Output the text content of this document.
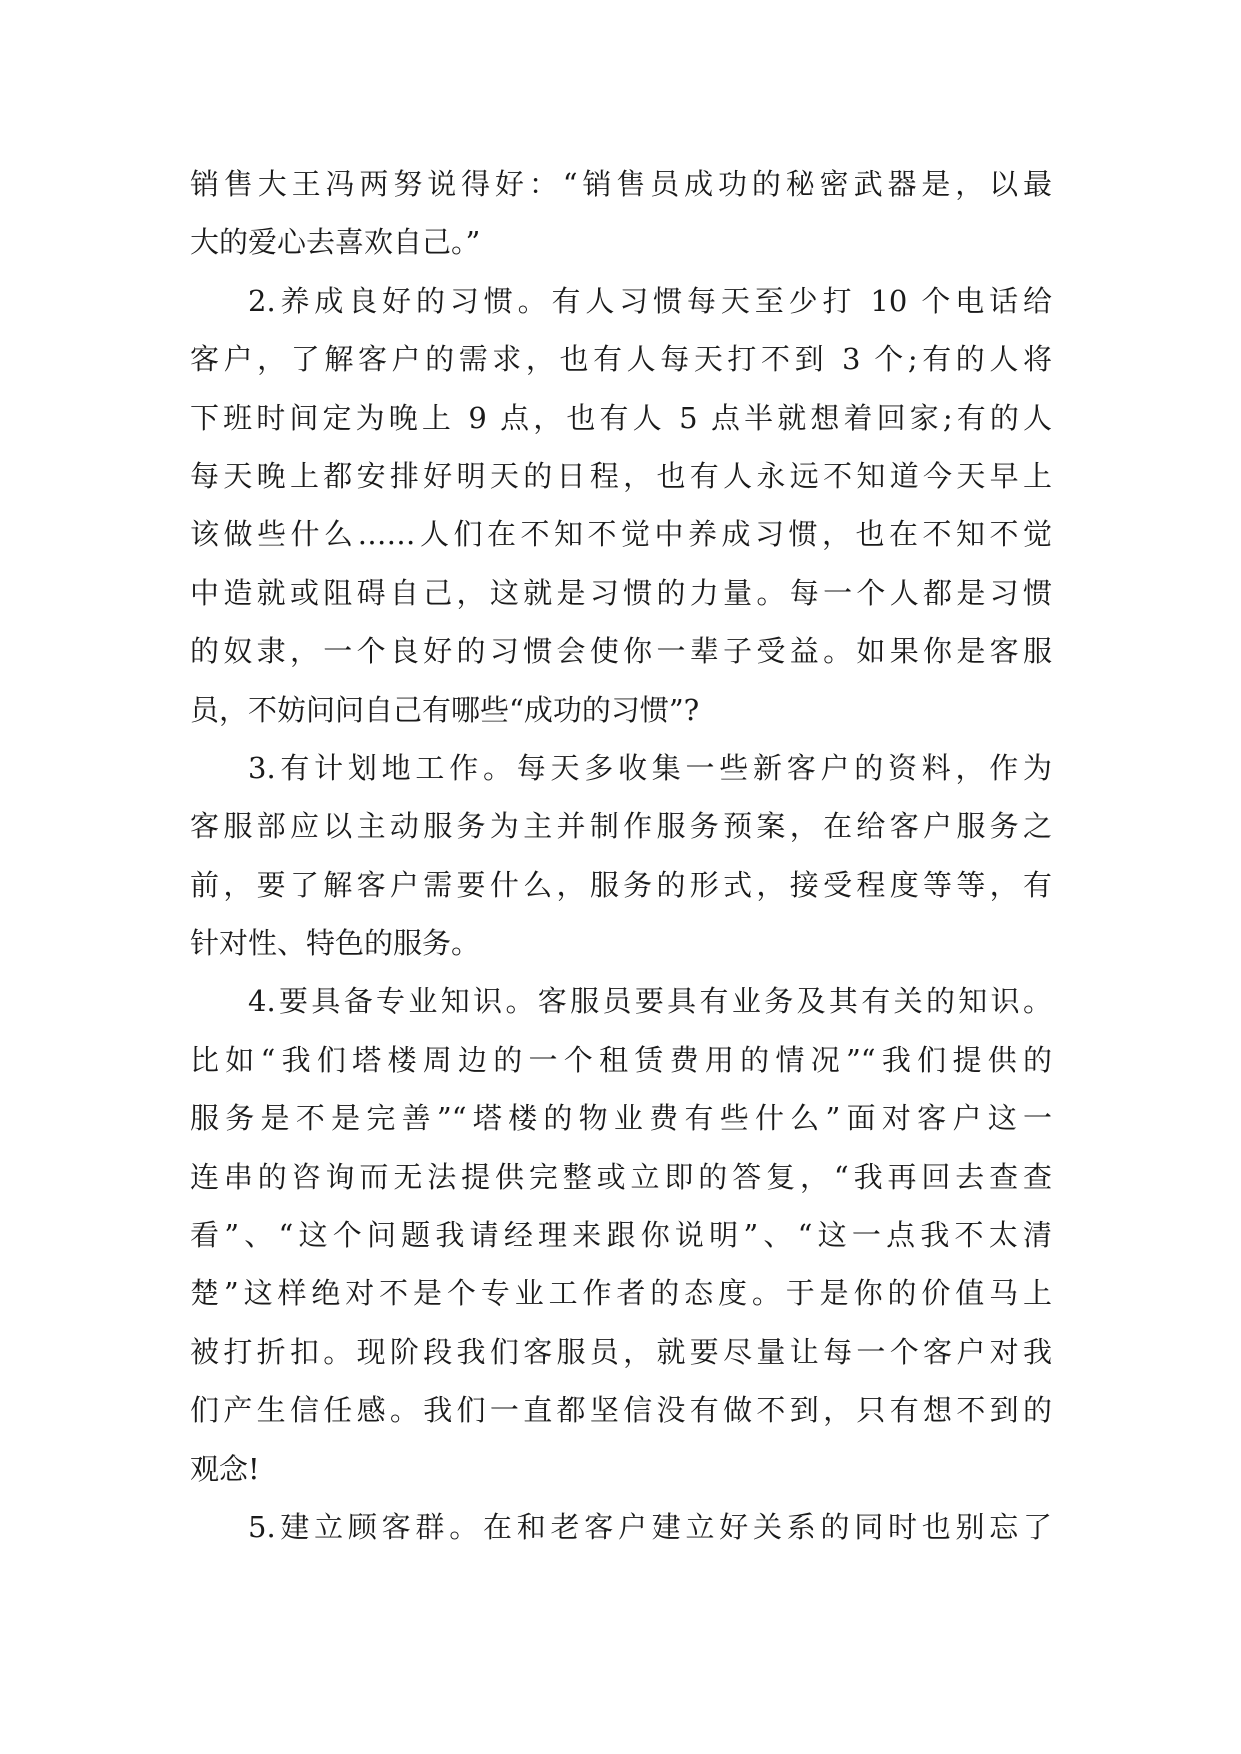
销售大王冯两努说得好：“销售员成功的秘密武器是，以最
大的爱心去喜欢自己。”
2.养成良好的习惯。有人习惯每天至少打 10 个电话给
客户，了解客户的需求，也有人每天打不到 3 个;有的人将
下班时间定为晚上 9 点，也有人 5 点半就想着回家;有的人
每天晚上都安排好明天的日程，也有人永远不知道今天早上
该做些什么……人们在不知不觉中养成习惯，也在不知不觉
中造就或阻碍自己，这就是习惯的力量。每一个人都是习惯
的奴隶，一个良好的习惯会使你一辈子受益。如果你是客服
员，不妨问问自己有哪些“成功的习惯”?
3.有计划地工作。每天多收集一些新客户的资料，作为
客服部应以主动服务为主并制作服务预案，在给客户服务之
前，要了解客户需要什么，服务的形式，接受程度等等，有
针对性、特色的服务。
4.要具备专业知识。客服员要具有业务及其有关的知识。
比如“我们塔楼周边的一个租赁费用的情况”“我们提供的
服务是不是完善”“塔楼的物业费有些什么”面对客户这一
连串的咨询而无法提供完整或立即的答复，“我再回去查查
看”、“这个问题我请经理来跟你说明”、“这一点我不太清
楚”这样绝对不是个专业工作者的态度。于是你的价值马上
被打折扣。现阶段我们客服员，就要尽量让每一个客户对我
们产生信任感。我们一直都坚信没有做不到，只有想不到的
观念!
5.建立顾客群。在和老客户建立好关系的同时也别忘了
